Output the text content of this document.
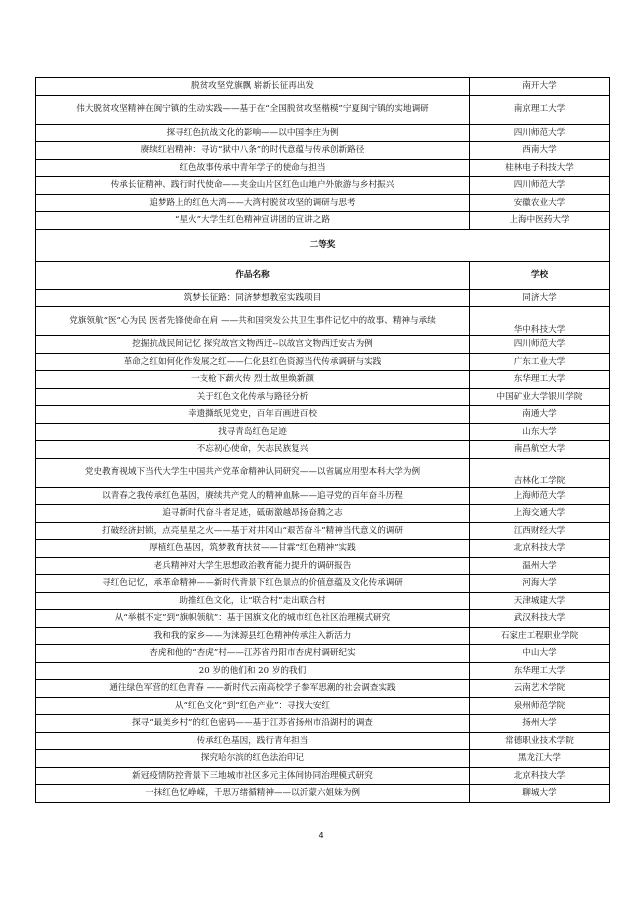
脱贫攻坚党旗飘 崭新长征再出发	南开大学
伟大脱贫攻坚精神在闽宁镇的生动实践——基于在“全国脱贫攻坚楷模”宁夏闽宁镇的实地调研	南京理工大学
探寻红色抗战文化的影响——以中国李庄为例	四川师范大学
赓续红岩精神：寻访“狱中八条”的时代意蕴与传承创新路径	西南大学
红色故事传承中青年学子的使命与担当	桂林电子科技大学
传承长征精神、践行时代使命——夹金山片区红色山地户外旅游与乡村振兴	四川师范大学
追梦路上的红色大湾——大湾村脱贫攻坚的调研与思考	安徽农业大学
“星火”大学生红色精神宣讲团的宣讲之路	上海中医药大学
二等奖	
作品名称	学校
筑梦长征路：同济梦想教室实践项目	同济大学
党旗领航“医”心为民 医者先锋使命在肩 ——共和国突发公共卫生事件记忆中的故事、精神与承续	华中科技大学
挖掘抗战民间记忆 探究故宫文物西迁--以故宫文物西迁安古为例	四川师范大学
革命之红如何化作发展之红——仁化县红色资源当代传承调研与实践	广东工业大学
一支枪下薪火传 烈士故里焕新颜	东华理工大学
关于红色文化传承与路径分析	中国矿业大学银川学院
幸遗撕纸见党史，百年百画进百校	南通大学
找寻青岛红色足迹	山东大学
不忘初心使命，矢志民族复兴	南昌航空大学
党史教育视域下当代大学生中国共产党革命精神认同研究——以省属应用型本科大学为例	吉林化工学院
以青春之我传承红色基因，赓续共产党人的精神血脉——追寻党的百年奋斗历程	上海师范大学
追寻新时代奋斗者足迹，砥砺激越昂扬奋腾之志	上海交通大学
打破经济封锁，点亮星星之火——基于对井冈山“艰苦奋斗”精神当代意义的调研	江西财经大学
厚植红色基因，筑梦教育扶贫——甘霖“红色精神”实践	北京科技大学
老兵精神对大学生思想政治教育能力提升的调研报告	温州大学
寻红色记忆，承革命精神——新时代背景下红色景点的价值意蕴及文化传承调研	河海大学
助推红色文化，让“联合村”走出联合村	天津城建大学
从“举棋不定”到“旗帜领航”：基于国旗文化的城市红色社区治理模式研究	武汉科技大学
我和我的家乡——为涞源县红色精神传承注入新活力	石家庄工程职业学院
杏虎和他的“杏虎”村——江苏省丹阳市杏虎村调研纪实	中山大学
20 岁的他们和 20 岁的我们	东华理工大学
通往绿色军营的红色青春 ——新时代云南高校学子参军思潮的社会调查实践	云南艺术学院
从“红色文化”到“红色产业”：寻找大安红	泉州师范学院
探寻“最美乡村”的红色密码——基于江苏省扬州市沿湖村的调查	扬州大学
传承红色基因，践行青年担当	常德职业技术学院
探究哈尔滨的红色法治印记	黑龙江大学
新冠疫情防控背景下三地城市社区多元主体间协同治理模式研究	北京科技大学
一抹红色忆峥嵘，千思万绪循精神——以沂蒙六姐妹为例	聊城大学
4
